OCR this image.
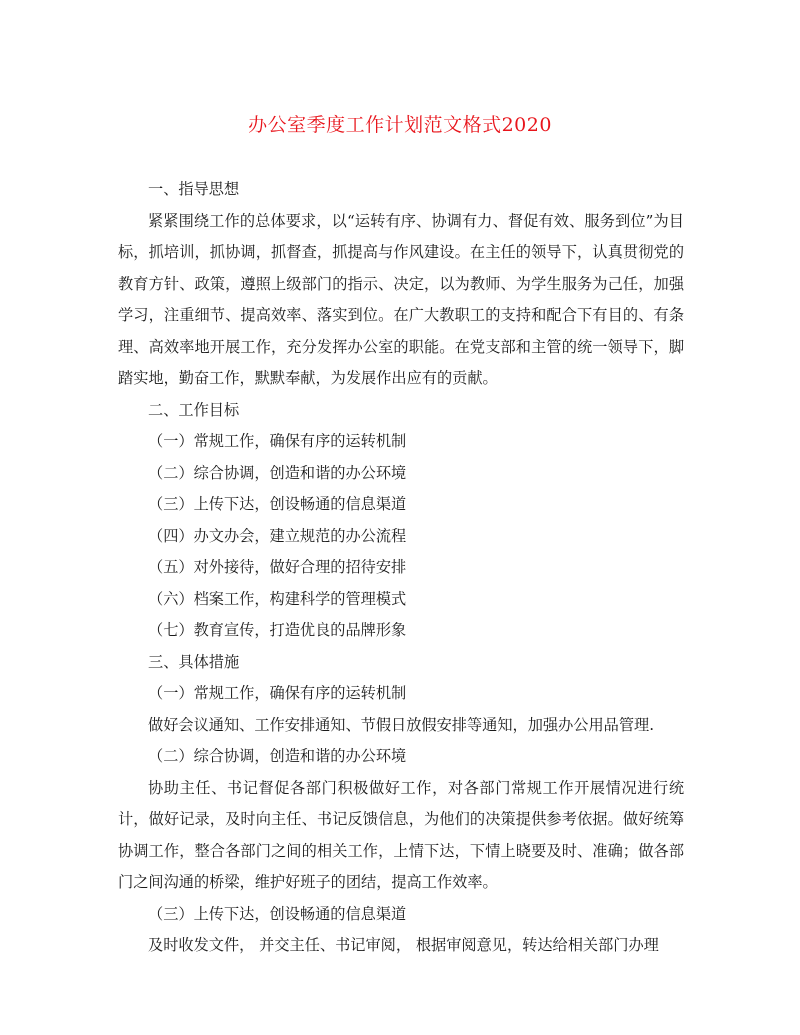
办公室季度工作计划范文格式2020

一、指导思想

紧紧围绕工作的总体要求，以“运转有序、协调有力、督促有效、服务到位”为目标，抓培训，抓协调，抓督查，抓提高与作风建设。在主任的领导下，认真贯彻党的教育方针、政策，遵照上级部门的指示、决定，以为教师、为学生服务为己任，加强学习，注重细节、提高效率、落实到位。在广大教职工的支持和配合下有目的、有条理、高效率地开展工作，充分发挥办公室的职能。在党支部和主管的统一领导下，脚踏实地，勤奋工作，默默奉献，为发展作出应有的贡献。

二、工作目标

（一）常规工作，确保有序的运转机制

（二）综合协调，创造和谐的办公环境

（三）上传下达，创设畅通的信息渠道

（四）办文办会，建立规范的办公流程

（五）对外接待，做好合理的招待安排

（六）档案工作，构建科学的管理模式

（七）教育宣传，打造优良的品牌形象

三、具体措施

（一）常规工作，确保有序的运转机制

做好会议通知、工作安排通知、节假日放假安排等通知，加强办公用品管理.

（二）综合协调，创造和谐的办公环境

协助主任、书记督促各部门积极做好工作，对各部门常规工作开展情况进行统计，做好记录，及时向主任、书记反馈信息，为他们的决策提供参考依据。做好统筹协调工作，整合各部门之间的相关工作，上情下达，下情上晓要及时、准确；做各部门之间沟通的桥梁，维护好班子的团结，提高工作效率。

（三）上传下达，创设畅通的信息渠道

及时收发文件， 并交主任、书记审阅， 根据审阅意见，转达给相关部门办理
